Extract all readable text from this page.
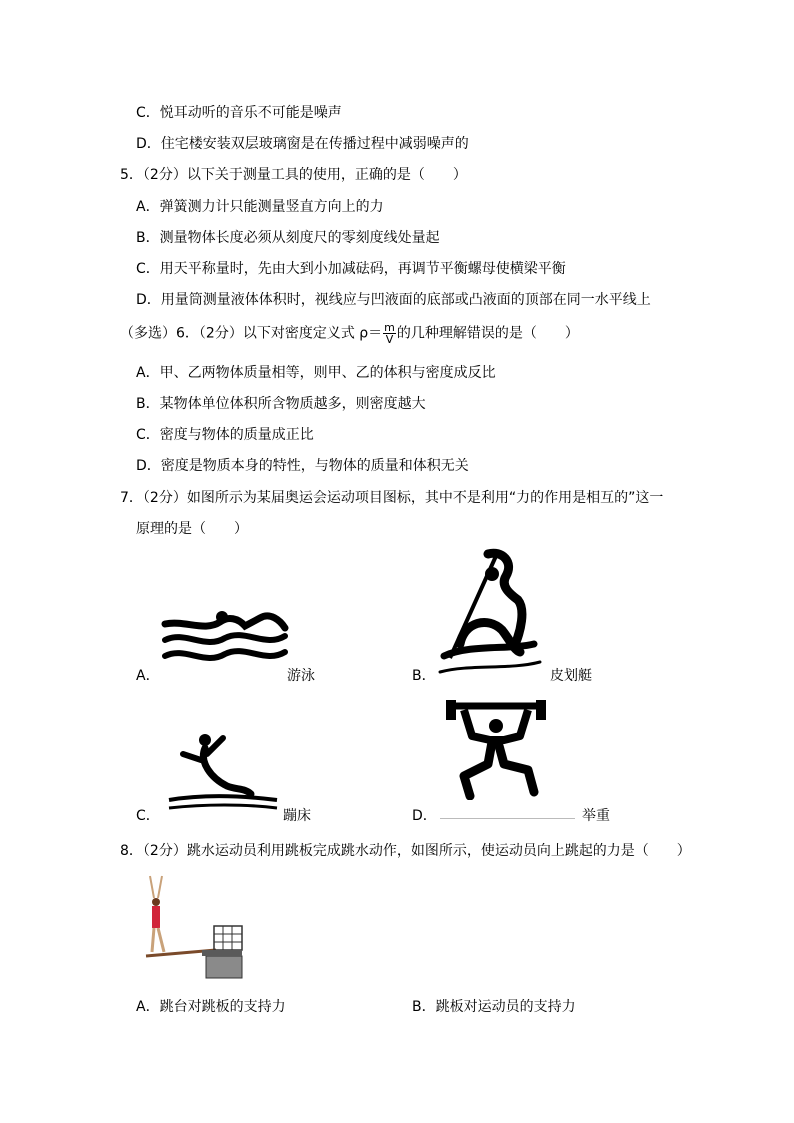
C．悦耳动听的音乐不可能是噪声
D．住宅楼安装双层玻璃窗是在传播过程中减弱噪声的
5．（2分）以下关于测量工具的使用，正确的是（　　）
A．弹簧测力计只能测量竖直方向上的力
B．测量物体长度必须从刻度尺的零刻度线处量起
C．用天平称量时，先由大到小加减砝码，再调节平衡螺母使横梁平衡
D．用量筒测量液体体积时，视线应与凹液面的底部或凸液面的顶部在同一水平线上
（多选）6．（2分）以下对密度定义式 $\rho= \frac{m}{V}$ 的几种理解错误的是（　　）
A．甲、乙两物体质量相等，则甲、乙的体积与密度成反比
B．某物体单位体积所含物质越多，则密度越大
C．密度与物体的质量成正比
D．密度是物质本身的特性，与物体的质量和体积无关
7．（2分）如图所示为某届奥运会运动项目图标，其中不是利用“力的作用是相互的”这一
原理的是（　　）
A．	游泳	B．	皮划艇
C．	蹦床	D．	举重
8．（2分）跳水运动员利用跳板完成跳水动作，如图所示，使运动员向上跳起的力是（　　）
A．跳台对跳板的支持力	B．跳板对运动员的支持力
